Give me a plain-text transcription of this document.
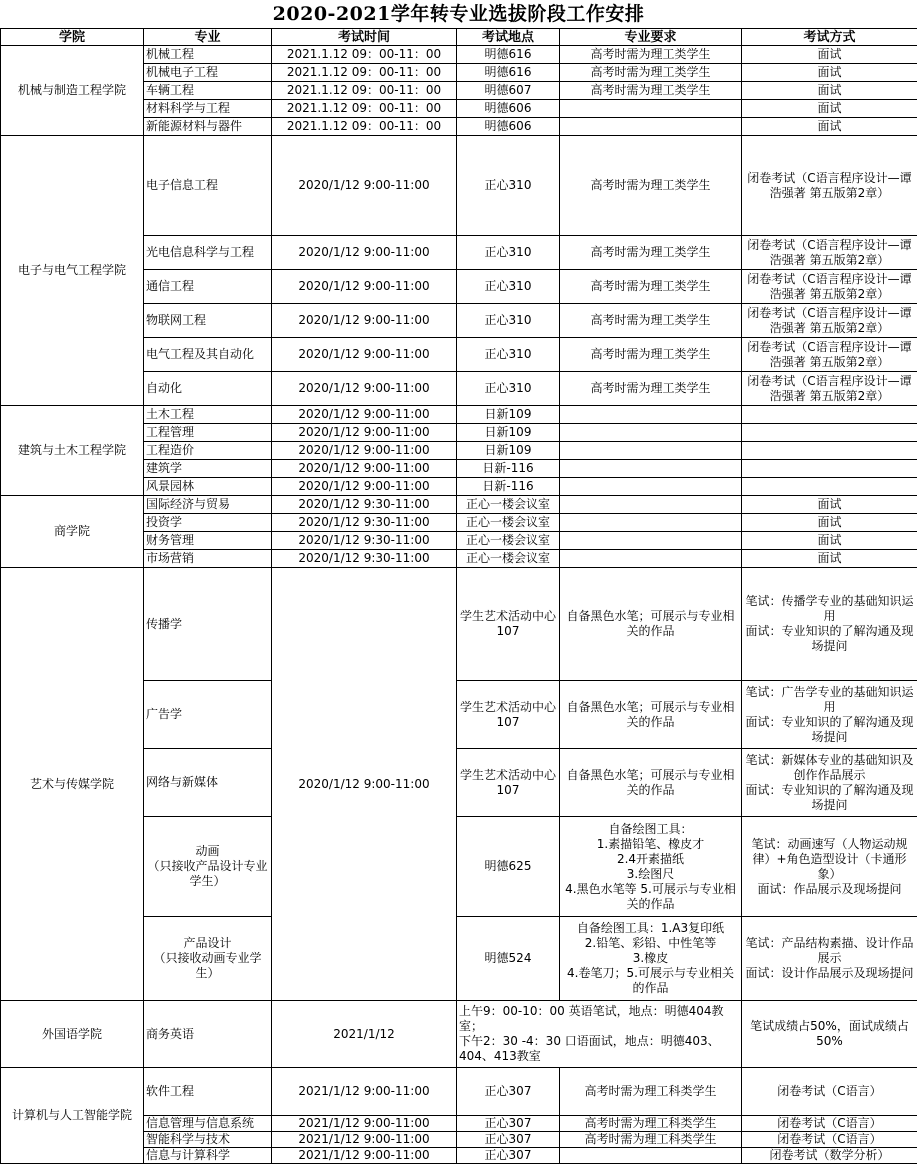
2020-2021学年转专业选拔阶段工作安排
学院	专业	考试时间	考试地点	专业要求	考试方式
机械与制造工程学院	机械工程	2021.1.12 09：00-11：00	明德616	高考时需为理工类学生	面试
	机械电子工程	2021.1.12 09：00-11：00	明德616	高考时需为理工类学生	面试
	车辆工程	2021.1.12 09：00-11：00	明德607	高考时需为理工类学生	面试
	材料科学与工程	2021.1.12 09：00-11：00	明德606		面试
	新能源材料与器件	2021.1.12 09：00-11：00	明德606		面试
电子与电气工程学院	电子信息工程	2020/1/12 9:00-11:00	正心310	高考时需为理工类学生	闭卷考试（C语言程序设计—谭浩强著 第五版第2章）
	光电信息科学与工程	2020/1/12 9:00-11:00	正心310	高考时需为理工类学生	闭卷考试（C语言程序设计—谭浩强著 第五版第2章）
	通信工程	2020/1/12 9:00-11:00	正心310	高考时需为理工类学生	闭卷考试（C语言程序设计—谭浩强著 第五版第2章）
	物联网工程	2020/1/12 9:00-11:00	正心310	高考时需为理工类学生	闭卷考试（C语言程序设计—谭浩强著 第五版第2章）
	电气工程及其自动化	2020/1/12 9:00-11:00	正心310	高考时需为理工类学生	闭卷考试（C语言程序设计—谭浩强著 第五版第2章）
	自动化	2020/1/12 9:00-11:00	正心310	高考时需为理工类学生	闭卷考试（C语言程序设计—谭浩强著 第五版第2章）
建筑与土木工程学院	土木工程	2020/1/12 9:00-11:00	日新109		
	工程管理	2020/1/12 9:00-11:00	日新109		
	工程造价	2020/1/12 9:00-11:00	日新109		
	建筑学	2020/1/12 9:00-11:00	日新-116		
	风景园林	2020/1/12 9:00-11:00	日新-116		
商学院	国际经济与贸易	2020/1/12 9:30-11:00	正心一楼会议室		面试
	投资学	2020/1/12 9:30-11:00	正心一楼会议室		面试
	财务管理	2020/1/12 9:30-11:00	正心一楼会议室		面试
	市场营销	2020/1/12 9:30-11:00	正心一楼会议室		面试
艺术与传媒学院	传播学	2020/1/12 9:00-11:00	学生艺术活动中心107	自备黑色水笔；可展示与专业相关的作品	笔试：传播学专业的基础知识运用
面试：专业知识的了解沟通及现场提问
	广告学		学生艺术活动中心107	自备黑色水笔；可展示与专业相关的作品	笔试：广告学专业的基础知识运用
面试：专业知识的了解沟通及现场提问
	网络与新媒体		学生艺术活动中心107	自备黑色水笔；可展示与专业相关的作品	笔试：新媒体专业的基础知识及创作作品展示
面试：专业知识的了解沟通及现场提问
	动画
（只接收产品设计专业学生）		明德625	自备绘图工具：
1.素描铅笔、橡皮才
2.4开素描纸
3.绘图尺
4.黑色水笔等 5.可展示与专业相关的作品	笔试：动画速写（人物运动规律）+角色造型设计（卡通形象）
面试：作品展示及现场提问
	产品设计
（只接收动画专业学生）		明德524	自备绘图工具：1.A3复印纸
2.铅笔、彩铅、中性笔等
3.橡皮
4.卷笔刀；5.可展示与专业相关的作品	笔试：产品结构素描、设计作品展示
面试：设计作品展示及现场提问
外国语学院	商务英语	2021/1/12	上午9：00-10：00 英语笔试，地点：明德404教室；
下午2：30 -4：30 口语面试，地点：明德403、404、413教室		笔试成绩占50%，面试成绩占50%
计算机与人工智能学院	软件工程	2021/1/12 9:00-11:00	正心307	高考时需为理工科类学生	闭卷考试（C语言）
	信息管理与信息系统	2021/1/12 9:00-11:00	正心307	高考时需为理工科类学生	闭卷考试（C语言）
	智能科学与技术	2021/1/12 9:00-11:00	正心307	高考时需为理工科类学生	闭卷考试（C语言）
	信息与计算科学	2021/1/12 9:00-11:00	正心307		闭卷考试（数学分析）
